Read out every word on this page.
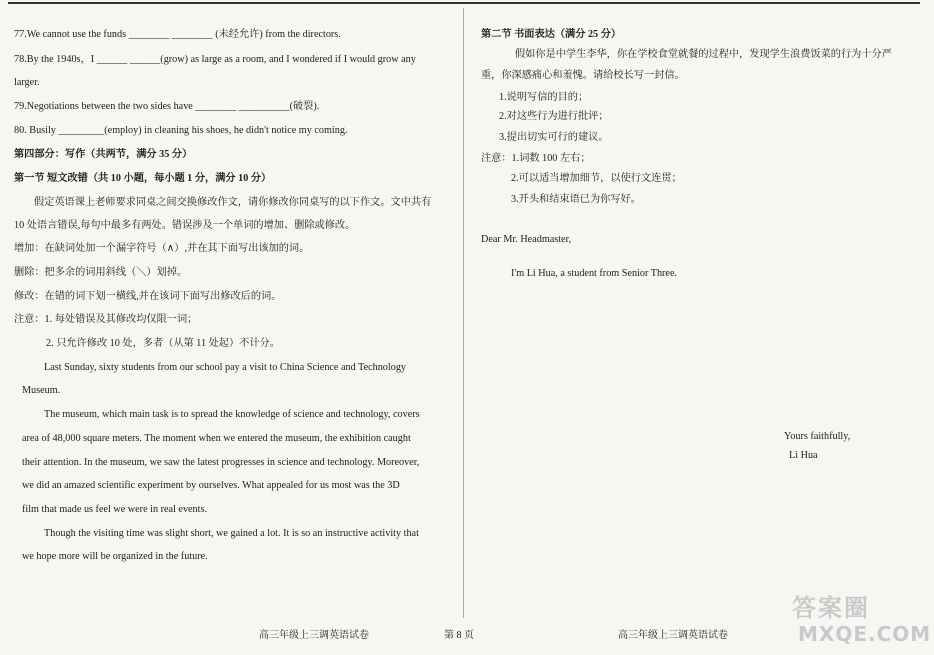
77.We cannot use the funds ________ ________ (未经允许) from the directors.
78.By the 1940s，I ______ ______(grow) as large as a room, and I wondered if I would grow any
larger.
79.Negotiations between the two sides have ________ __________(破裂).
80. Busily _________(employ) in cleaning his shoes, he didn't notice my coming.
第四部分：写作（共两节，满分 35 分）
第一节 短文改错（共 10 小题，每小题 1 分，满分 10 分）
假定英语课上老师要求同桌之间交换修改作文，请你修改你同桌写的以下作文。文中共有
10 处语言错误,每句中最多有两处。错误涉及一个单词的增加、删除或修改。
增加：在缺词处加一个漏字符号（∧）,并在其下面写出该加的词。
删除：把多余的词用斜线（＼）划掉。
修改：在错的词下划一横线,并在该词下面写出修改后的词。
注意：1. 每处错误及其修改均仅限一词；
2. 只允许修改 10 处，多者（从第 11 处起）不计分。
Last Sunday, sixty students from our school pay a visit to China Science and Technology
Museum.
The museum, which main task is to spread the knowledge of science and technology, covers
area of 48,000 square meters. The moment when we entered the museum, the exhibition caught
their attention. In the museum, we saw the latest progresses in science and technology. Moreover,
we did an amazed scientific experiment by ourselves. What appealed for us most was the 3D
film that made us feel we were in real events.
Though the visiting time was slight short, we gained a lot. It is so an instructive activity that
we hope more will be organized in the future.
第二节 书面表达（满分 25 分）
假如你是中学生李华，你在学校食堂就餐的过程中，发现学生浪费饭菜的行为十分严
重，你深感痛心和羞愧。请给校长写一封信。
1.说明写信的目的；
2.对这些行为进行批评；
3.提出切实可行的建议。
注意：1.词数 100 左右；
2.可以适当增加细节，以使行文连贯；
3.开头和结束语已为你写好。
Dear Mr. Headmaster,
I'm Li Hua, a student from Senior Three.
Yours faithfully,
Li Hua
高三年级上三调英语试卷	第 8 页	高三年级上三调英语试卷
答案圈
MXQE.COM
